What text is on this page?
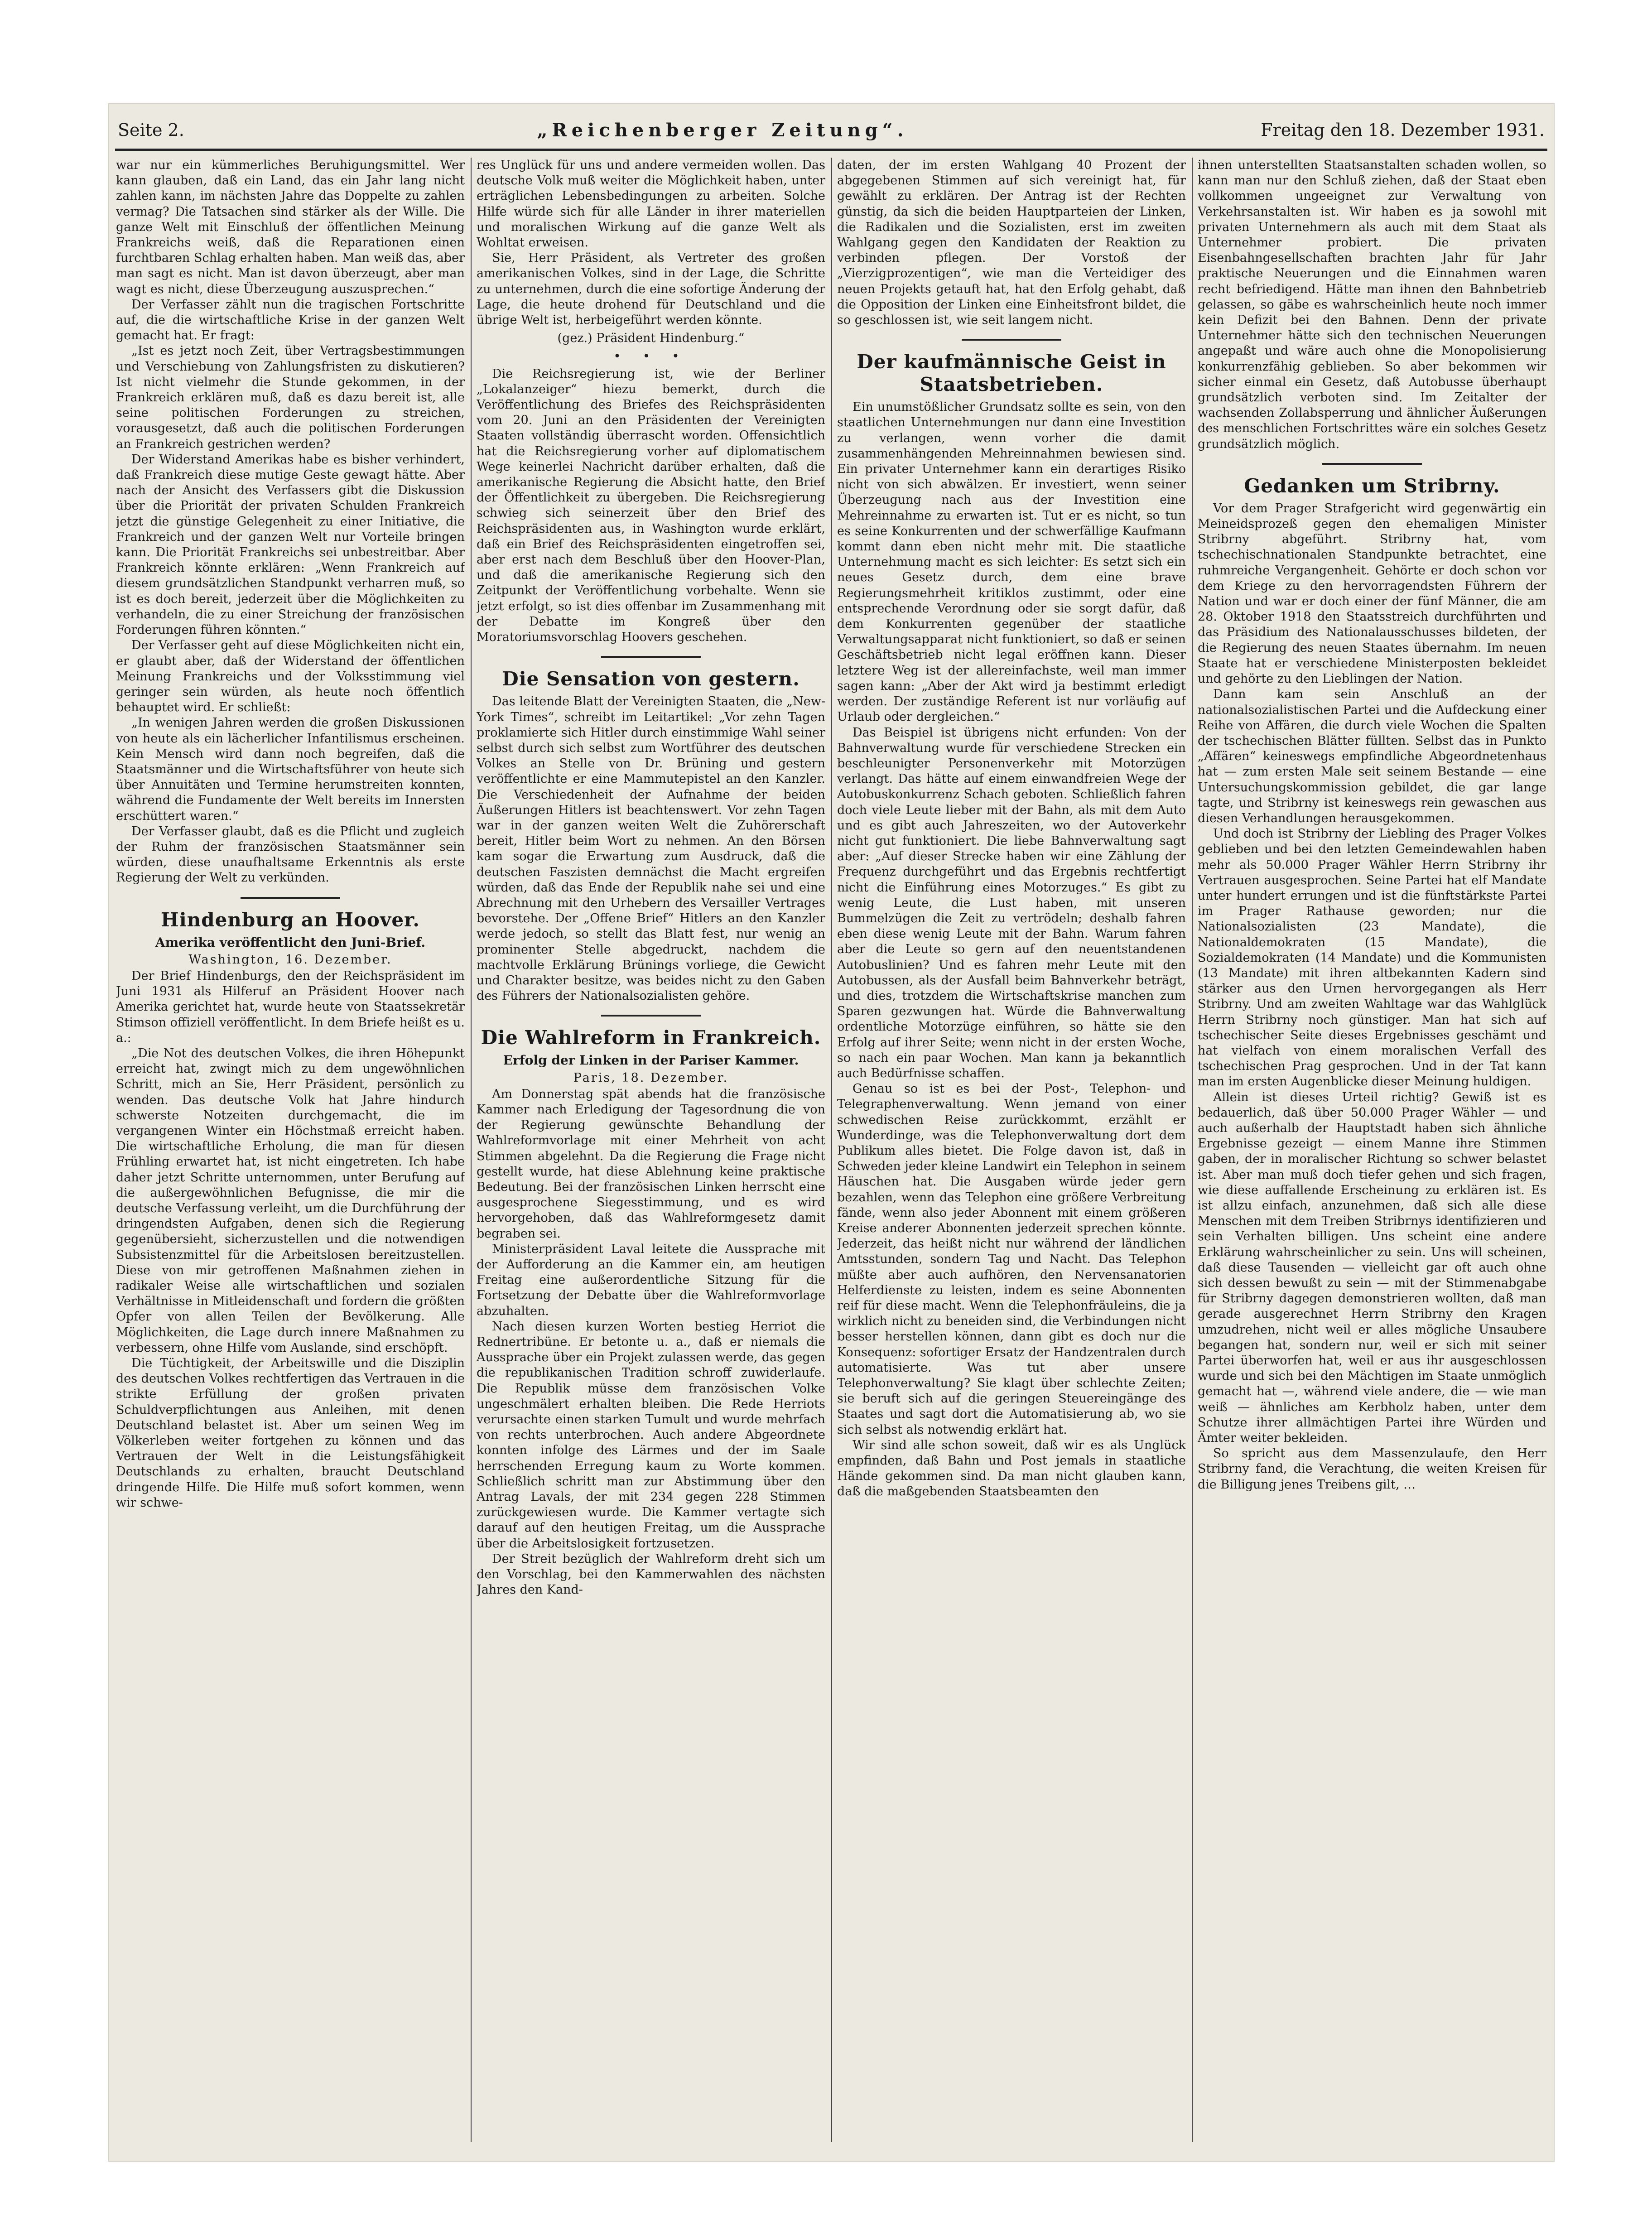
Seite 2.	„Reichenberger Zeitung“.	Freitag den 18. Dezember 1931.

war nur ein kümmerliches Beruhigungsmittel. Wer kann glauben, daß ein Land, das ein Jahr lang nicht zahlen kann, im nächsten Jahre das Doppelte zu zahlen vermag? Die Tatsachen sind stärker als der Wille. Die ganze Welt mit Einschluß der öffentlichen Meinung Frankreichs weiß, daß die Reparationen einen furchtbaren Schlag erhalten haben. Man weiß das, aber man sagt es nicht. Man ist davon überzeugt, aber man wagt es nicht, diese Überzeugung auszusprechen.“

Der Verfasser zählt nun die tragischen Fortschritte auf, die die wirtschaftliche Krise in der ganzen Welt gemacht hat. Er fragt:

„Ist es jetzt noch Zeit, über Vertragsbestimmungen und Verschiebung von Zahlungsfristen zu diskutieren? Ist nicht vielmehr die Stunde gekommen, in der Frankreich erklären muß, daß es dazu bereit ist, alle seine politischen Forderungen zu streichen, vorausgesetzt, daß auch die politischen Forderungen an Frankreich gestrichen werden?

Der Widerstand Amerikas habe es bisher verhindert, daß Frankreich diese mutige Geste gewagt hätte. Aber nach der Ansicht des Verfassers gibt die Diskussion über die Priorität der privaten Schulden Frankreich jetzt die günstige Gelegenheit zu einer Initiative, die Frankreich und der ganzen Welt nur Vorteile bringen kann. Die Priorität Frankreichs sei unbestreitbar. Aber Frankreich könnte erklären: „Wenn Frankreich auf diesem grundsätzlichen Standpunkt verharren muß, so ist es doch bereit, jederzeit über die Möglichkeiten zu verhandeln, die zu einer Streichung der französischen Forderungen führen könnten.“

Der Verfasser geht auf diese Möglichkeiten nicht ein, er glaubt aber, daß der Widerstand der öffentlichen Meinung Frankreichs und der Volksstimmung viel geringer sein würden, als heute noch öffentlich behauptet wird. Er schließt:

„In wenigen Jahren werden die großen Diskussionen von heute als ein lächerlicher Infantilismus erscheinen. Kein Mensch wird dann noch begreifen, daß die Staatsmänner und die Wirtschaftsführer von heute sich über Annuitäten und Termine herumstreiten konnten, während die Fundamente der Welt bereits im Innersten erschüttert waren.“

Der Verfasser glaubt, daß es die Pflicht und zugleich der Ruhm der französischen Staatsmänner sein würden, diese unaufhaltsame Erkenntnis als erste Regierung der Welt zu verkünden.

Hindenburg an Hoover.
Amerika veröffentlicht den Juni-Brief.
Washington, 16. Dezember.

Der Brief Hindenburgs, den der Reichspräsident im Juni 1931 als Hilferuf an Präsident Hoover nach Amerika gerichtet hat, wurde heute von Staatssekretär Stimson offiziell veröffentlicht. In dem Briefe heißt es u. a.:

„Die Not des deutschen Volkes, die ihren Höhepunkt erreicht hat, zwingt mich zu dem ungewöhnlichen Schritt, mich an Sie, Herr Präsident, persönlich zu wenden. Das deutsche Volk hat Jahre hindurch schwerste Notzeiten durchgemacht, die im vergangenen Winter ein Höchstmaß erreicht haben. Die wirtschaftliche Erholung, die man für diesen Frühling erwartet hat, ist nicht eingetreten. Ich habe daher jetzt Schritte unternommen, unter Berufung auf die außergewöhnlichen Befugnisse, die mir die deutsche Verfassung verleiht, um die Durchführung der dringendsten Aufgaben, denen sich die Regierung gegenübersieht, sicherzustellen und die notwendigen Subsistenzmittel für die Arbeitslosen bereitzustellen. Diese von mir getroffenen Maßnahmen ziehen in radikaler Weise alle wirtschaftlichen und sozialen Verhältnisse in Mitleidenschaft und fordern die größten Opfer von allen Teilen der Bevölkerung. Alle Möglichkeiten, die Lage durch innere Maßnahmen zu verbessern, ohne Hilfe vom Auslande, sind erschöpft.

Die Tüchtigkeit, der Arbeitswille und die Disziplin des deutschen Volkes rechtfertigen das Vertrauen in die strikte Erfüllung der großen privaten Schuldverpflichtungen aus Anleihen, mit denen Deutschland belastet ist. Aber um seinen Weg im Völkerleben weiter fortgehen zu können und das Vertrauen der Welt in die Leistungsfähigkeit Deutschlands zu erhalten, braucht Deutschland dringende Hilfe. Die Hilfe muß sofort kommen, wenn wir schwe-

res Unglück für uns und andere vermeiden wollen. Das deutsche Volk muß weiter die Möglichkeit haben, unter erträglichen Lebensbedingungen zu arbeiten. Solche Hilfe würde sich für alle Länder in ihrer materiellen und moralischen Wirkung auf die ganze Welt als Wohltat erweisen.

Sie, Herr Präsident, als Vertreter des großen amerikanischen Volkes, sind in der Lage, die Schritte zu unternehmen, durch die eine sofortige Änderung der Lage, die heute drohend für Deutschland und die übrige Welt ist, herbeigeführt werden könnte.

(gez.) Präsident Hindenburg.“
• • •

Die Reichsregierung ist, wie der Berliner „Lokalanzeiger“ hiezu bemerkt, durch die Veröffentlichung des Briefes des Reichspräsidenten vom 20. Juni an den Präsidenten der Vereinigten Staaten vollständig überrascht worden. Offensichtlich hat die Reichsregierung vorher auf diplomatischem Wege keinerlei Nachricht darüber erhalten, daß die amerikanische Regierung die Absicht hatte, den Brief der Öffentlichkeit zu übergeben. Die Reichsregierung schwieg sich seinerzeit über den Brief des Reichspräsidenten aus, in Washington wurde erklärt, daß ein Brief des Reichspräsidenten eingetroffen sei, aber erst nach dem Beschluß über den Hoover-Plan, und daß die amerikanische Regierung sich den Zeitpunkt der Veröffentlichung vorbehalte. Wenn sie jetzt erfolgt, so ist dies offenbar im Zusammenhang mit der Debatte im Kongreß über den Moratoriumsvorschlag Hoovers geschehen.

Die Sensation von gestern.

Das leitende Blatt der Vereinigten Staaten, die „New-York Times“, schreibt im Leitartikel: „Vor zehn Tagen proklamierte sich Hitler durch einstimmige Wahl seiner selbst durch sich selbst zum Wortführer des deutschen Volkes an Stelle von Dr. Brüning und gestern veröffentlichte er eine Mammutepistel an den Kanzler. Die Verschiedenheit der Aufnahme der beiden Äußerungen Hitlers ist beachtenswert. Vor zehn Tagen war in der ganzen weiten Welt die Zuhörerschaft bereit, Hitler beim Wort zu nehmen. An den Börsen kam sogar die Erwartung zum Ausdruck, daß die deutschen Faszisten demnächst die Macht ergreifen würden, daß das Ende der Republik nahe sei und eine Abrechnung mit den Urhebern des Versailler Vertrages bevorstehe. Der „Offene Brief“ Hitlers an den Kanzler werde jedoch, so stellt das Blatt fest, nur wenig an prominenter Stelle abgedruckt, nachdem die machtvolle Erklärung Brünings vorliege, die Gewicht und Charakter besitze, was beides nicht zu den Gaben des Führers der Nationalsozialisten gehöre.

Die Wahlreform in Frankreich.
Erfolg der Linken in der Pariser Kammer.
Paris, 18. Dezember.

Am Donnerstag spät abends hat die französische Kammer nach Erledigung der Tagesordnung die von der Regierung gewünschte Behandlung der Wahlreformvorlage mit einer Mehrheit von acht Stimmen abgelehnt. Da die Regierung die Frage nicht gestellt wurde, hat diese Ablehnung keine praktische Bedeutung. Bei der französischen Linken herrscht eine ausgesprochene Siegesstimmung, und es wird hervorgehoben, daß das Wahlreformgesetz damit begraben sei.

Ministerpräsident Laval leitete die Aussprache mit der Aufforderung an die Kammer ein, am heutigen Freitag eine außerordentliche Sitzung für die Fortsetzung der Debatte über die Wahlreformvorlage abzuhalten.

Nach diesen kurzen Worten bestieg Herriot die Rednertribüne. Er betonte u. a., daß er niemals die Aussprache über ein Projekt zulassen werde, das gegen die republikanischen Tradition schroff zuwiderlaufe. Die Republik müsse dem französischen Volke ungeschmälert erhalten bleiben. Die Rede Herriots verursachte einen starken Tumult und wurde mehrfach von rechts unterbrochen. Auch andere Abgeordnete konnten infolge des Lärmes und der im Saale herrschenden Erregung kaum zu Worte kommen. Schließlich schritt man zur Abstimmung über den Antrag Lavals, der mit 234 gegen 228 Stimmen zurückgewiesen wurde. Die Kammer vertagte sich darauf auf den heutigen Freitag, um die Aussprache über die Arbeitslosigkeit fortzusetzen.

Der Streit bezüglich der Wahlreform dreht sich um den Vorschlag, bei den Kammerwahlen des nächsten Jahres den Kand-

daten, der im ersten Wahlgang 40 Prozent der abgegebenen Stimmen auf sich vereinigt hat, für gewählt zu erklären. Der Antrag ist der Rechten günstig, da sich die beiden Hauptparteien der Linken, die Radikalen und die Sozialisten, erst im zweiten Wahlgang gegen den Kandidaten der Reaktion zu verbinden pflegen. Der Vorstoß der „Vierzigprozentigen“, wie man die Verteidiger des neuen Projekts getauft hat, hat den Erfolg gehabt, daß die Opposition der Linken eine Einheitsfront bildet, die so geschlossen ist, wie seit langem nicht.

Der kaufmännische Geist in Staatsbetrieben.

Ein unumstößlicher Grundsatz sollte es sein, von den staatlichen Unternehmungen nur dann eine Investition zu verlangen, wenn vorher die damit zusammenhängenden Mehreinnahmen bewiesen sind. Ein privater Unternehmer kann ein derartiges Risiko nicht von sich abwälzen. Er investiert, wenn seiner Überzeugung nach aus der Investition eine Mehreinnahme zu erwarten ist. Tut er es nicht, so tun es seine Konkurrenten und der schwerfällige Kaufmann kommt dann eben nicht mehr mit. Die staatliche Unternehmung macht es sich leichter: Es setzt sich ein neues Gesetz durch, dem eine brave Regierungsmehrheit kritiklos zustimmt, oder eine entsprechende Verordnung oder sie sorgt dafür, daß dem Konkurrenten gegenüber der staatliche Verwaltungsapparat nicht funktioniert, so daß er seinen Geschäftsbetrieb nicht legal eröffnen kann. Dieser letztere Weg ist der allereinfachste, weil man immer sagen kann: „Aber der Akt wird ja bestimmt erledigt werden. Der zuständige Referent ist nur vorläufig auf Urlaub oder dergleichen.“

Das Beispiel ist übrigens nicht erfunden: Von der Bahnverwaltung wurde für verschiedene Strecken ein beschleunigter Personenverkehr mit Motorzügen verlangt. Das hätte auf einem einwandfreien Wege der Autobuskonkurrenz Schach geboten. Schließlich fahren doch viele Leute lieber mit der Bahn, als mit dem Auto und es gibt auch Jahreszeiten, wo der Autoverkehr nicht gut funktioniert. Die liebe Bahnverwaltung sagt aber: „Auf dieser Strecke haben wir eine Zählung der Frequenz durchgeführt und das Ergebnis rechtfertigt nicht die Einführung eines Motorzuges.“ Es gibt zu wenig Leute, die Lust haben, mit unseren Bummelzügen die Zeit zu vertrödeln; deshalb fahren eben diese wenig Leute mit der Bahn. Warum fahren aber die Leute so gern auf den neuentstandenen Autobuslinien? Und es fahren mehr Leute mit den Autobussen, als der Ausfall beim Bahnverkehr beträgt, und dies, trotzdem die Wirtschaftskrise manchen zum Sparen gezwungen hat. Würde die Bahnverwaltung ordentliche Motorzüge einführen, so hätte sie den Erfolg auf ihrer Seite; wenn nicht in der ersten Woche, so nach ein paar Wochen. Man kann ja bekanntlich auch Bedürfnisse schaffen.

Genau so ist es bei der Post-, Telephon- und Telegraphenverwaltung. Wenn jemand von einer schwedischen Reise zurückkommt, erzählt er Wunderdinge, was die Telephonverwaltung dort dem Publikum alles bietet. Die Folge davon ist, daß in Schweden jeder kleine Landwirt ein Telephon in seinem Häuschen hat. Die Ausgaben würde jeder gern bezahlen, wenn das Telephon eine größere Verbreitung fände, wenn also jeder Abonnent mit einem größeren Kreise anderer Abonnenten jederzeit sprechen könnte. Jederzeit, das heißt nicht nur während der ländlichen Amtsstunden, sondern Tag und Nacht. Das Telephon müßte aber auch aufhören, den Nervensanatorien Helferdienste zu leisten, indem es seine Abonnenten reif für diese macht. Wenn die Telephonfräuleins, die ja wirklich nicht zu beneiden sind, die Verbindungen nicht besser herstellen können, dann gibt es doch nur die Konsequenz: sofortiger Ersatz der Handzentralen durch automatisierte. Was tut aber unsere Telephonverwaltung? Sie klagt über schlechte Zeiten; sie beruft sich auf die geringen Steuereingänge des Staates und sagt dort die Automatisierung ab, wo sie sich selbst als notwendig erklärt hat.

Wir sind alle schon soweit, daß wir es als Unglück empfinden, daß Bahn und Post jemals in staatliche Hände gekommen sind. Da man nicht glauben kann, daß die maßgebenden Staatsbeamten den

ihnen unterstellten Staatsanstalten schaden wollen, so kann man nur den Schluß ziehen, daß der Staat eben vollkommen ungeeignet zur Verwaltung von Verkehrsanstalten ist. Wir haben es ja sowohl mit privaten Unternehmern als auch mit dem Staat als Unternehmer probiert. Die privaten Eisenbahngesellschaften brachten Jahr für Jahr praktische Neuerungen und die Einnahmen waren recht befriedigend. Hätte man ihnen den Bahnbetrieb gelassen, so gäbe es wahrscheinlich heute noch immer kein Defizit bei den Bahnen. Denn der private Unternehmer hätte sich den technischen Neuerungen angepaßt und wäre auch ohne die Monopolisierung konkurrenzfähig geblieben. So aber bekommen wir sicher einmal ein Gesetz, daß Autobusse überhaupt grundsätzlich verboten sind. Im Zeitalter der wachsenden Zollabsperrung und ähnlicher Äußerungen des menschlichen Fortschrittes wäre ein solches Gesetz grundsätzlich möglich.

Gedanken um Stribrny.

Vor dem Prager Strafgericht wird gegenwärtig ein Meineidsprozeß gegen den ehemaligen Minister Stribrny abgeführt. Stribrny hat, vom tschechischnationalen Standpunkte betrachtet, eine ruhmreiche Vergangenheit. Gehörte er doch schon vor dem Kriege zu den hervorragendsten Führern der Nation und war er doch einer der fünf Männer, die am 28. Oktober 1918 den Staatsstreich durchführten und das Präsidium des Nationalausschusses bildeten, der die Regierung des neuen Staates übernahm. Im neuen Staate hat er verschiedene Ministerposten bekleidet und gehörte zu den Lieblingen der Nation.

Dann kam sein Anschluß an der nationalsozialistischen Partei und die Aufdeckung einer Reihe von Affären, die durch viele Wochen die Spalten der tschechischen Blätter füllten. Selbst das in Punkto „Affären“ keineswegs empfindliche Abgeordnetenhaus hat — zum ersten Male seit seinem Bestande — eine Untersuchungskommission gebildet, die gar lange tagte, und Stribrny ist keineswegs rein gewaschen aus diesen Verhandlungen herausgekommen.

Und doch ist Stribrny der Liebling des Prager Volkes geblieben und bei den letzten Gemeindewahlen haben mehr als 50.000 Prager Wähler Herrn Stribrny ihr Vertrauen ausgesprochen. Seine Partei hat elf Mandate unter hundert errungen und ist die fünftstärkste Partei im Prager Rathause geworden; nur die Nationalsozialisten (23 Mandate), die Nationaldemokraten (15 Mandate), die Sozialdemokraten (14 Mandate) und die Kommunisten (13 Mandate) mit ihren altbekannten Kadern sind stärker aus den Urnen hervorgegangen als Herr Stribrny. Und am zweiten Wahltage war das Wahlglück Herrn Stribrny noch günstiger. Man hat sich auf tschechischer Seite dieses Ergebnisses geschämt und hat vielfach von einem moralischen Verfall des tschechischen Prag gesprochen. Und in der Tat kann man im ersten Augenblicke dieser Meinung huldigen.

Allein ist dieses Urteil richtig? Gewiß ist es bedauerlich, daß über 50.000 Prager Wähler — und auch außerhalb der Hauptstadt haben sich ähnliche Ergebnisse gezeigt — einem Manne ihre Stimmen gaben, der in moralischer Richtung so schwer belastet ist. Aber man muß doch tiefer gehen und sich fragen, wie diese auffallende Erscheinung zu erklären ist. Es ist allzu einfach, anzunehmen, daß sich alle diese Menschen mit dem Treiben Stribrnys identifizieren und sein Verhalten billigen. Uns scheint eine andere Erklärung wahrscheinlicher zu sein. Uns will scheinen, daß diese Tausenden — vielleicht gar oft auch ohne sich dessen bewußt zu sein — mit der Stimmenabgabe für Stribrny dagegen demonstrieren wollten, daß man gerade ausgerechnet Herrn Stribrny den Kragen umzudrehen, nicht weil er alles mögliche Unsaubere begangen hat, sondern nur, weil er sich mit seiner Partei überworfen hat, weil er aus ihr ausgeschlossen wurde und sich bei den Mächtigen im Staate unmöglich gemacht hat —, während viele andere, die — wie man weiß — ähnliches am Kerbholz haben, unter dem Schutze ihrer allmächtigen Partei ihre Würden und Ämter weiter bekleiden.

So spricht aus dem Massenzulaufe, den Herr Stribrny fand, die Verachtung, die weiten Kreisen für die Billigung jenes Treibens gilt, …
